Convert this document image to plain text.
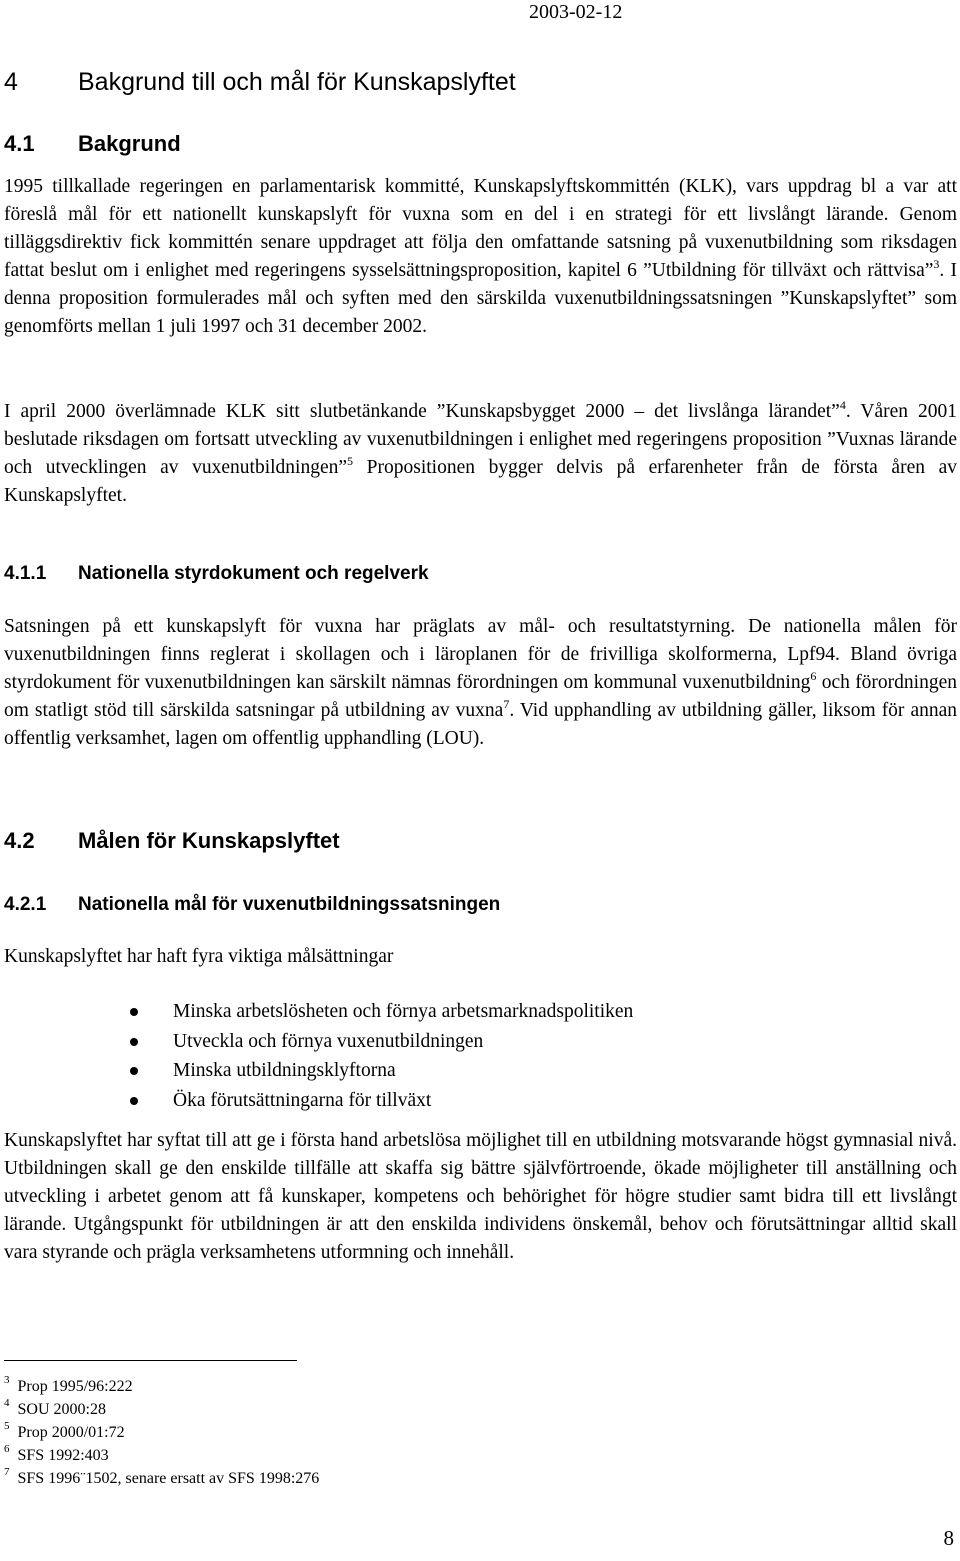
2003-02-12
4 Bakgrund till och mål för Kunskapslyftet
4.1 Bakgrund

1995 tillkallade regeringen en parlamentarisk kommitté, Kunskapslyftskommittén (KLK), vars uppdrag bl a var att föreslå mål för ett nationellt kunskapslyft för vuxna som en del i en strategi för ett livslångt lärande. Genom tilläggsdirektiv fick kommittén senare uppdraget att följa den omfattande satsning på vuxenutbildning som riksdagen fattat beslut om i enlighet med regeringens sysselsättningsproposition, kapitel 6 ”Utbildning för tillväxt och rättvisa”$^3$. I denna proposition formulerades mål och syften med den särskilda vuxenutbildningssatsningen ”Kunskapslyftet” som genomförts mellan 1 juli 1997 och 31 december 2002.

I april 2000 överlämnade KLK sitt slutbetänkande ”Kunskapsbygget 2000 – det livslånga lärandet”$^4$. Våren 2001 beslutade riksdagen om fortsatt utveckling av vuxenutbildningen i enlighet med regeringens proposition ”Vuxnas lärande och utvecklingen av vuxenutbildningen”$^5$ Propositionen bygger delvis på erfarenheter från de första åren av Kunskapslyftet.

4.1.1 Nationella styrdokument och regelverk

Satsningen på ett kunskapslyft för vuxna har präglats av mål- och resultatstyrning. De nationella målen för vuxenutbildningen finns reglerat i skollagen och i läroplanen för de frivilliga skolformerna, Lpf94. Bland övriga styrdokument för vuxenutbildningen kan särskilt nämnas förordningen om kommunal vuxenutbildning$^6$ och förordningen om statligt stöd till särskilda satsningar på utbildning av vuxna$^7$. Vid upphandling av utbildning gäller, liksom för annan offentlig verksamhet, lagen om offentlig upphandling (LOU).

4.2 Målen för Kunskapslyftet
4.2.1 Nationella mål för vuxenutbildningssatsningen

Kunskapslyftet har haft fyra viktiga målsättningar

Minska arbetslösheten och förnya arbetsmarknadspolitiken
Utveckla och förnya vuxenutbildningen
Minska utbildningsklyftorna
Öka förutsättningarna för tillväxt

Kunskapslyftet har syftat till att ge i första hand arbetslösa möjlighet till en utbildning motsvarande högst gymnasial nivå. Utbildningen skall ge den enskilde tillfälle att skaffa sig bättre självförtroende, ökade möjligheter till anställning och utveckling i arbetet genom att få kunskaper, kompetens och behörighet för högre studier samt bidra till ett livslångt lärande. Utgångspunkt för utbildningen är att den enskilda individens önskemål, behov och förutsättningar alltid skall vara styrande och prägla verksamhetens utformning och innehåll.

$^3$ Prop 1995/96:222
$^4$ SOU 2000:28
$^5$ Prop 2000/01:72
$^6$ SFS 1992:403
$^7$ SFS 1996¨1502, senare ersatt av SFS 1998:276
8
